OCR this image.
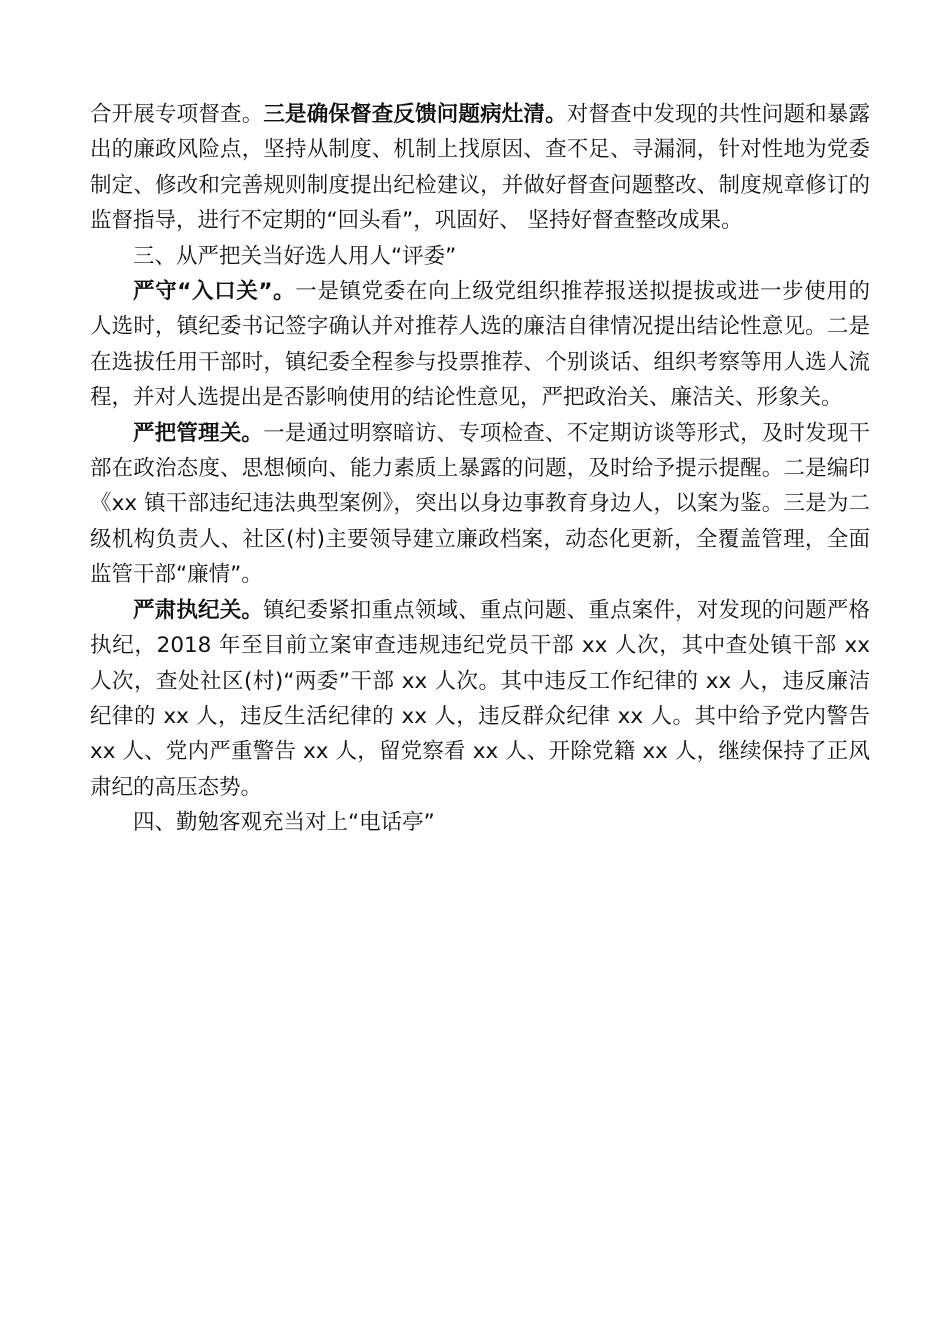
合开展专项督查。三是确保督查反馈问题病灶清。对督查中发现的共性问题和暴露出的廉政风险点，坚持从制度、机制上找原因、查不足、寻漏洞，针对性地为党委制定、修改和完善规则制度提出纪检建议，并做好督查问题整改、制度规章修订的监督指导，进行不定期的“回头看”，巩固好、 坚持好督查整改成果。

三、从严把关当好选人用人“评委”

严守“入口关”。一是镇党委在向上级党组织推荐报送拟提拔或进一步使用的人选时，镇纪委书记签字确认并对推荐人选的廉洁自律情况提出结论性意见。二是在选拔任用干部时，镇纪委全程参与投票推荐、个别谈话、组织考察等用人选人流程，并对人选提出是否影响使用的结论性意见，严把政治关、廉洁关、形象关。

严把管理关。一是通过明察暗访、专项检查、不定期访谈等形式，及时发现干部在政治态度、思想倾向、能力素质上暴露的问题，及时给予提示提醒。二是编印《xx 镇干部违纪违法典型案例》，突出以身边事教育身边人，以案为鉴。三是为二级机构负责人、社区(村)主要领导建立廉政档案，动态化更新，全覆盖管理，全面监管干部“廉情”。

严肃执纪关。镇纪委紧扣重点领域、重点问题、重点案件，对发现的问题严格执纪，2018 年至目前立案审查违规违纪党员干部 xx 人次，其中查处镇干部 xx 人次，查处社区(村)“两委”干部 xx 人次。其中违反工作纪律的 xx 人，违反廉洁纪律的 xx 人，违反生活纪律的 xx 人，违反群众纪律 xx 人。其中给予党内警告 xx 人、党内严重警告 xx 人，留党察看 xx 人、开除党籍 xx 人，继续保持了正风肃纪的高压态势。

四、勤勉客观充当对上“电话亭”
